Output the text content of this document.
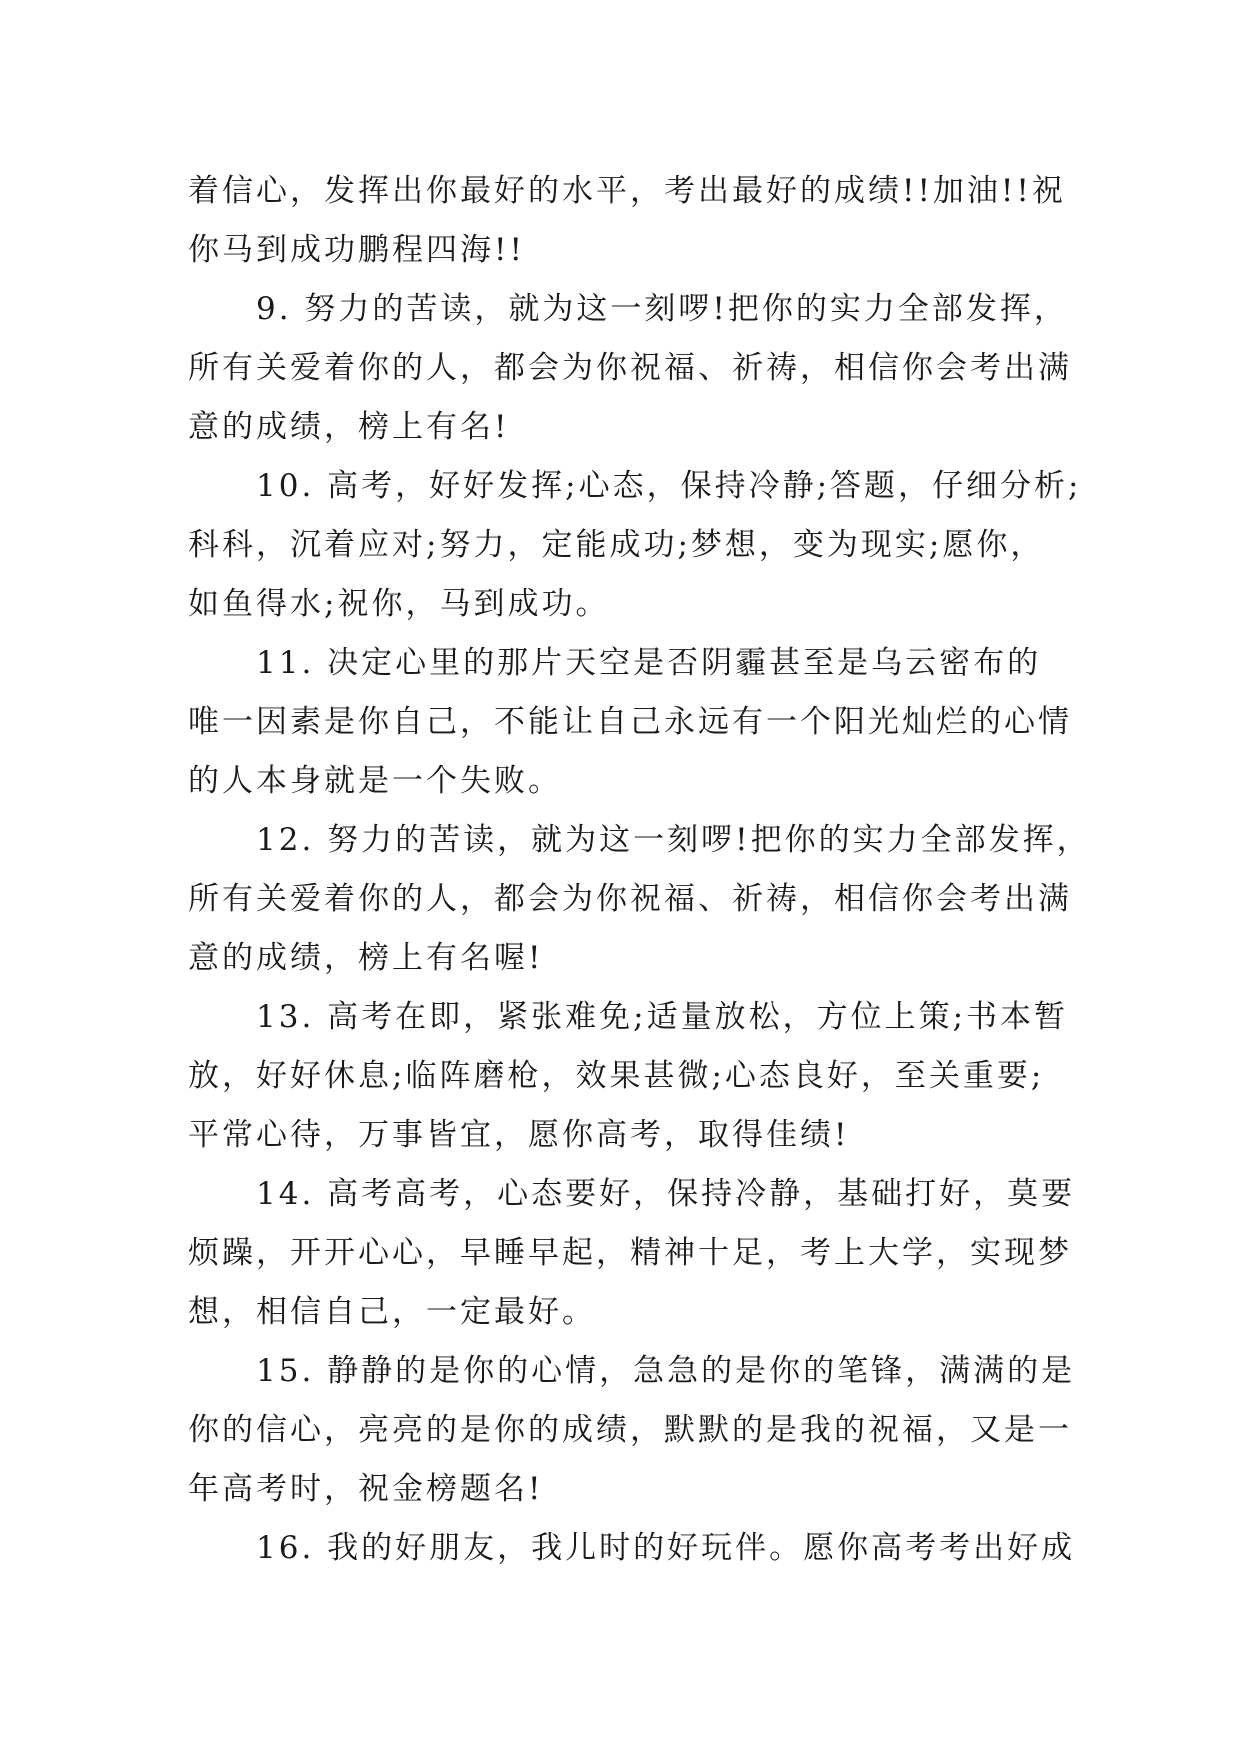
着信心，发挥出你最好的水平，考出最好的成绩!!加油!!祝
你马到成功鹏程四海!!
9. 努力的苦读，就为这一刻啰!把你的实力全部发挥，
所有关爱着你的人，都会为你祝福、祈祷，相信你会考出满
意的成绩，榜上有名!
10. 高考，好好发挥;心态，保持冷静;答题，仔细分析;
科科，沉着应对;努力，定能成功;梦想，变为现实;愿你，
如鱼得水;祝你，马到成功。
11. 决定心里的那片天空是否阴霾甚至是乌云密布的
唯一因素是你自己，不能让自己永远有一个阳光灿烂的心情
的人本身就是一个失败。
12. 努力的苦读，就为这一刻啰!把你的实力全部发挥，
所有关爱着你的人，都会为你祝福、祈祷，相信你会考出满
意的成绩，榜上有名喔!
13. 高考在即，紧张难免;适量放松，方位上策;书本暂
放，好好休息;临阵磨枪，效果甚微;心态良好，至关重要;
平常心待，万事皆宜，愿你高考，取得佳绩!
14. 高考高考，心态要好，保持冷静，基础打好，莫要
烦躁，开开心心，早睡早起，精神十足，考上大学，实现梦
想，相信自己，一定最好。
15. 静静的是你的心情，急急的是你的笔锋，满满的是
你的信心，亮亮的是你的成绩，默默的是我的祝福，又是一
年高考时，祝金榜题名!
16. 我的好朋友，我儿时的好玩伴。愿你高考考出好成
